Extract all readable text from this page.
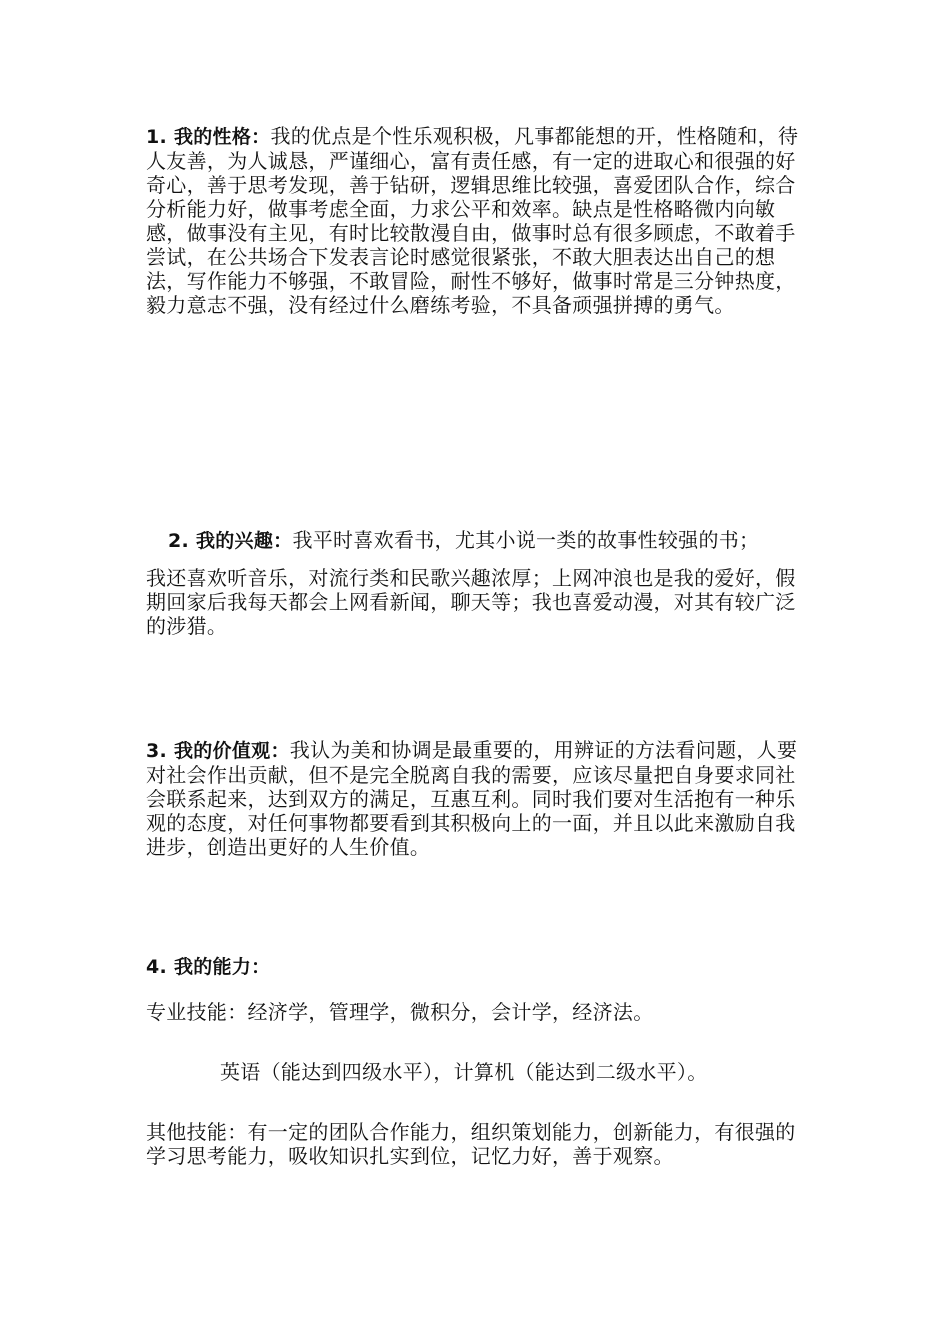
1. 我的性格：我的优点是个性乐观积极，凡事都能想的开，性格随和，待人友善，为人诚恳，严谨细心，富有责任感，有一定的进取心和很强的好奇心，善于思考发现，善于钻研，逻辑思维比较强，喜爱团队合作，综合分析能力好，做事考虑全面，力求公平和效率。缺点是性格略微内向敏感，做事没有主见，有时比较散漫自由，做事时总有很多顾虑，不敢着手尝试，在公共场合下发表言论时感觉很紧张，不敢大胆表达出自己的想法，写作能力不够强，不敢冒险，耐性不够好，做事时常是三分钟热度，毅力意志不强，没有经过什么磨练考验，不具备顽强拼搏的勇气。

2. 我的兴趣：我平时喜欢看书，尤其小说一类的故事性较强的书；

我还喜欢听音乐，对流行类和民歌兴趣浓厚；上网冲浪也是我的爱好，假期回家后我每天都会上网看新闻，聊天等；我也喜爱动漫，对其有较广泛的涉猎。

3. 我的价值观：我认为美和协调是最重要的，用辨证的方法看问题，人要对社会作出贡献，但不是完全脱离自我的需要，应该尽量把自身要求同社会联系起来，达到双方的满足，互惠互利。同时我们要对生活抱有一种乐观的态度，对任何事物都要看到其积极向上的一面，并且以此来激励自我进步，创造出更好的人生价值。

4. 我的能力：

专业技能：经济学，管理学，微积分，会计学，经济法。

英语（能达到四级水平），计算机（能达到二级水平）。

其他技能：有一定的团队合作能力，组织策划能力，创新能力，有很强的学习思考能力，吸收知识扎实到位，记忆力好，善于观察。
